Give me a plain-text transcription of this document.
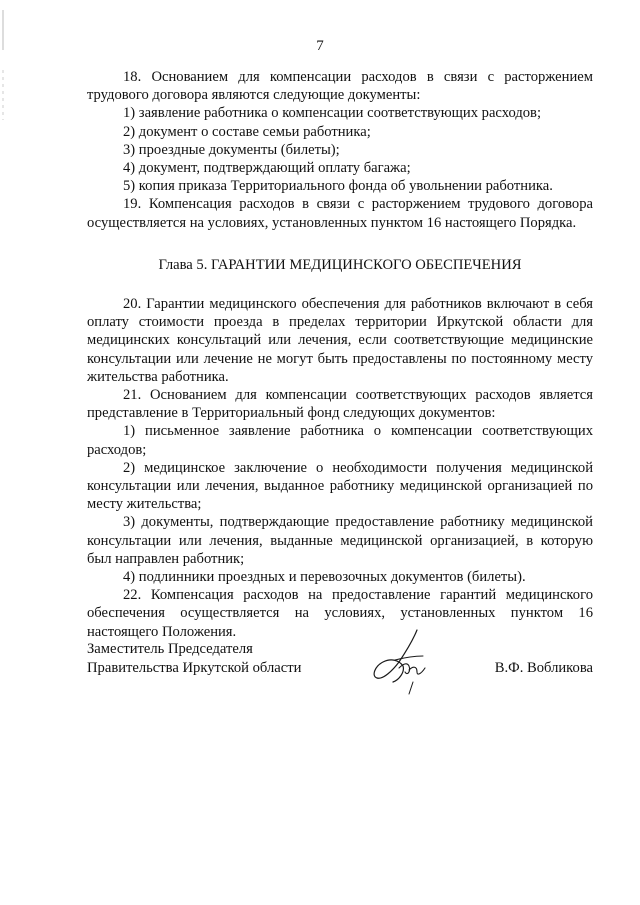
7

18. Основанием для компенсации расходов в связи с расторжением трудового договора являются следующие документы:

1) заявление работника о компенсации соответствующих расходов;

2) документ о составе семьи работника;

3) проездные документы (билеты);

4) документ, подтверждающий оплату багажа;

5) копия приказа Территориального фонда об увольнении работника.

19. Компенсация расходов в связи с расторжением трудового договора осуществляется на условиях, установленных пунктом 16 настоящего Порядка.

Глава 5. ГАРАНТИИ МЕДИЦИНСКОГО ОБЕСПЕЧЕНИЯ

20. Гарантии медицинского обеспечения для работников включают в себя оплату стоимости проезда в пределах территории Иркутской области для медицинских консультаций или лечения, если соответствующие медицинские консультации или лечение не могут быть предоставлены по постоянному месту жительства работника.

21. Основанием для компенсации соответствующих расходов является представление в Территориальный фонд следующих документов:

1) письменное заявление работника о компенсации соответствующих расходов;

2) медицинское заключение о необходимости получения медицинской консультации или лечения, выданное работнику медицинской организацией по месту жительства;

3) документы, подтверждающие предоставление работнику медицинской консультации или лечения, выданные медицинской организацией, в которую был направлен работник;

4) подлинники проездных и перевозочных документов (билеты).

22. Компенсация расходов на предоставление гарантий медицинского обеспечения осуществляется на условиях, установленных пунктом 16 настоящего Положения.

Заместитель Председателя
Правительства Иркутской области	В.Ф. Вобликова
